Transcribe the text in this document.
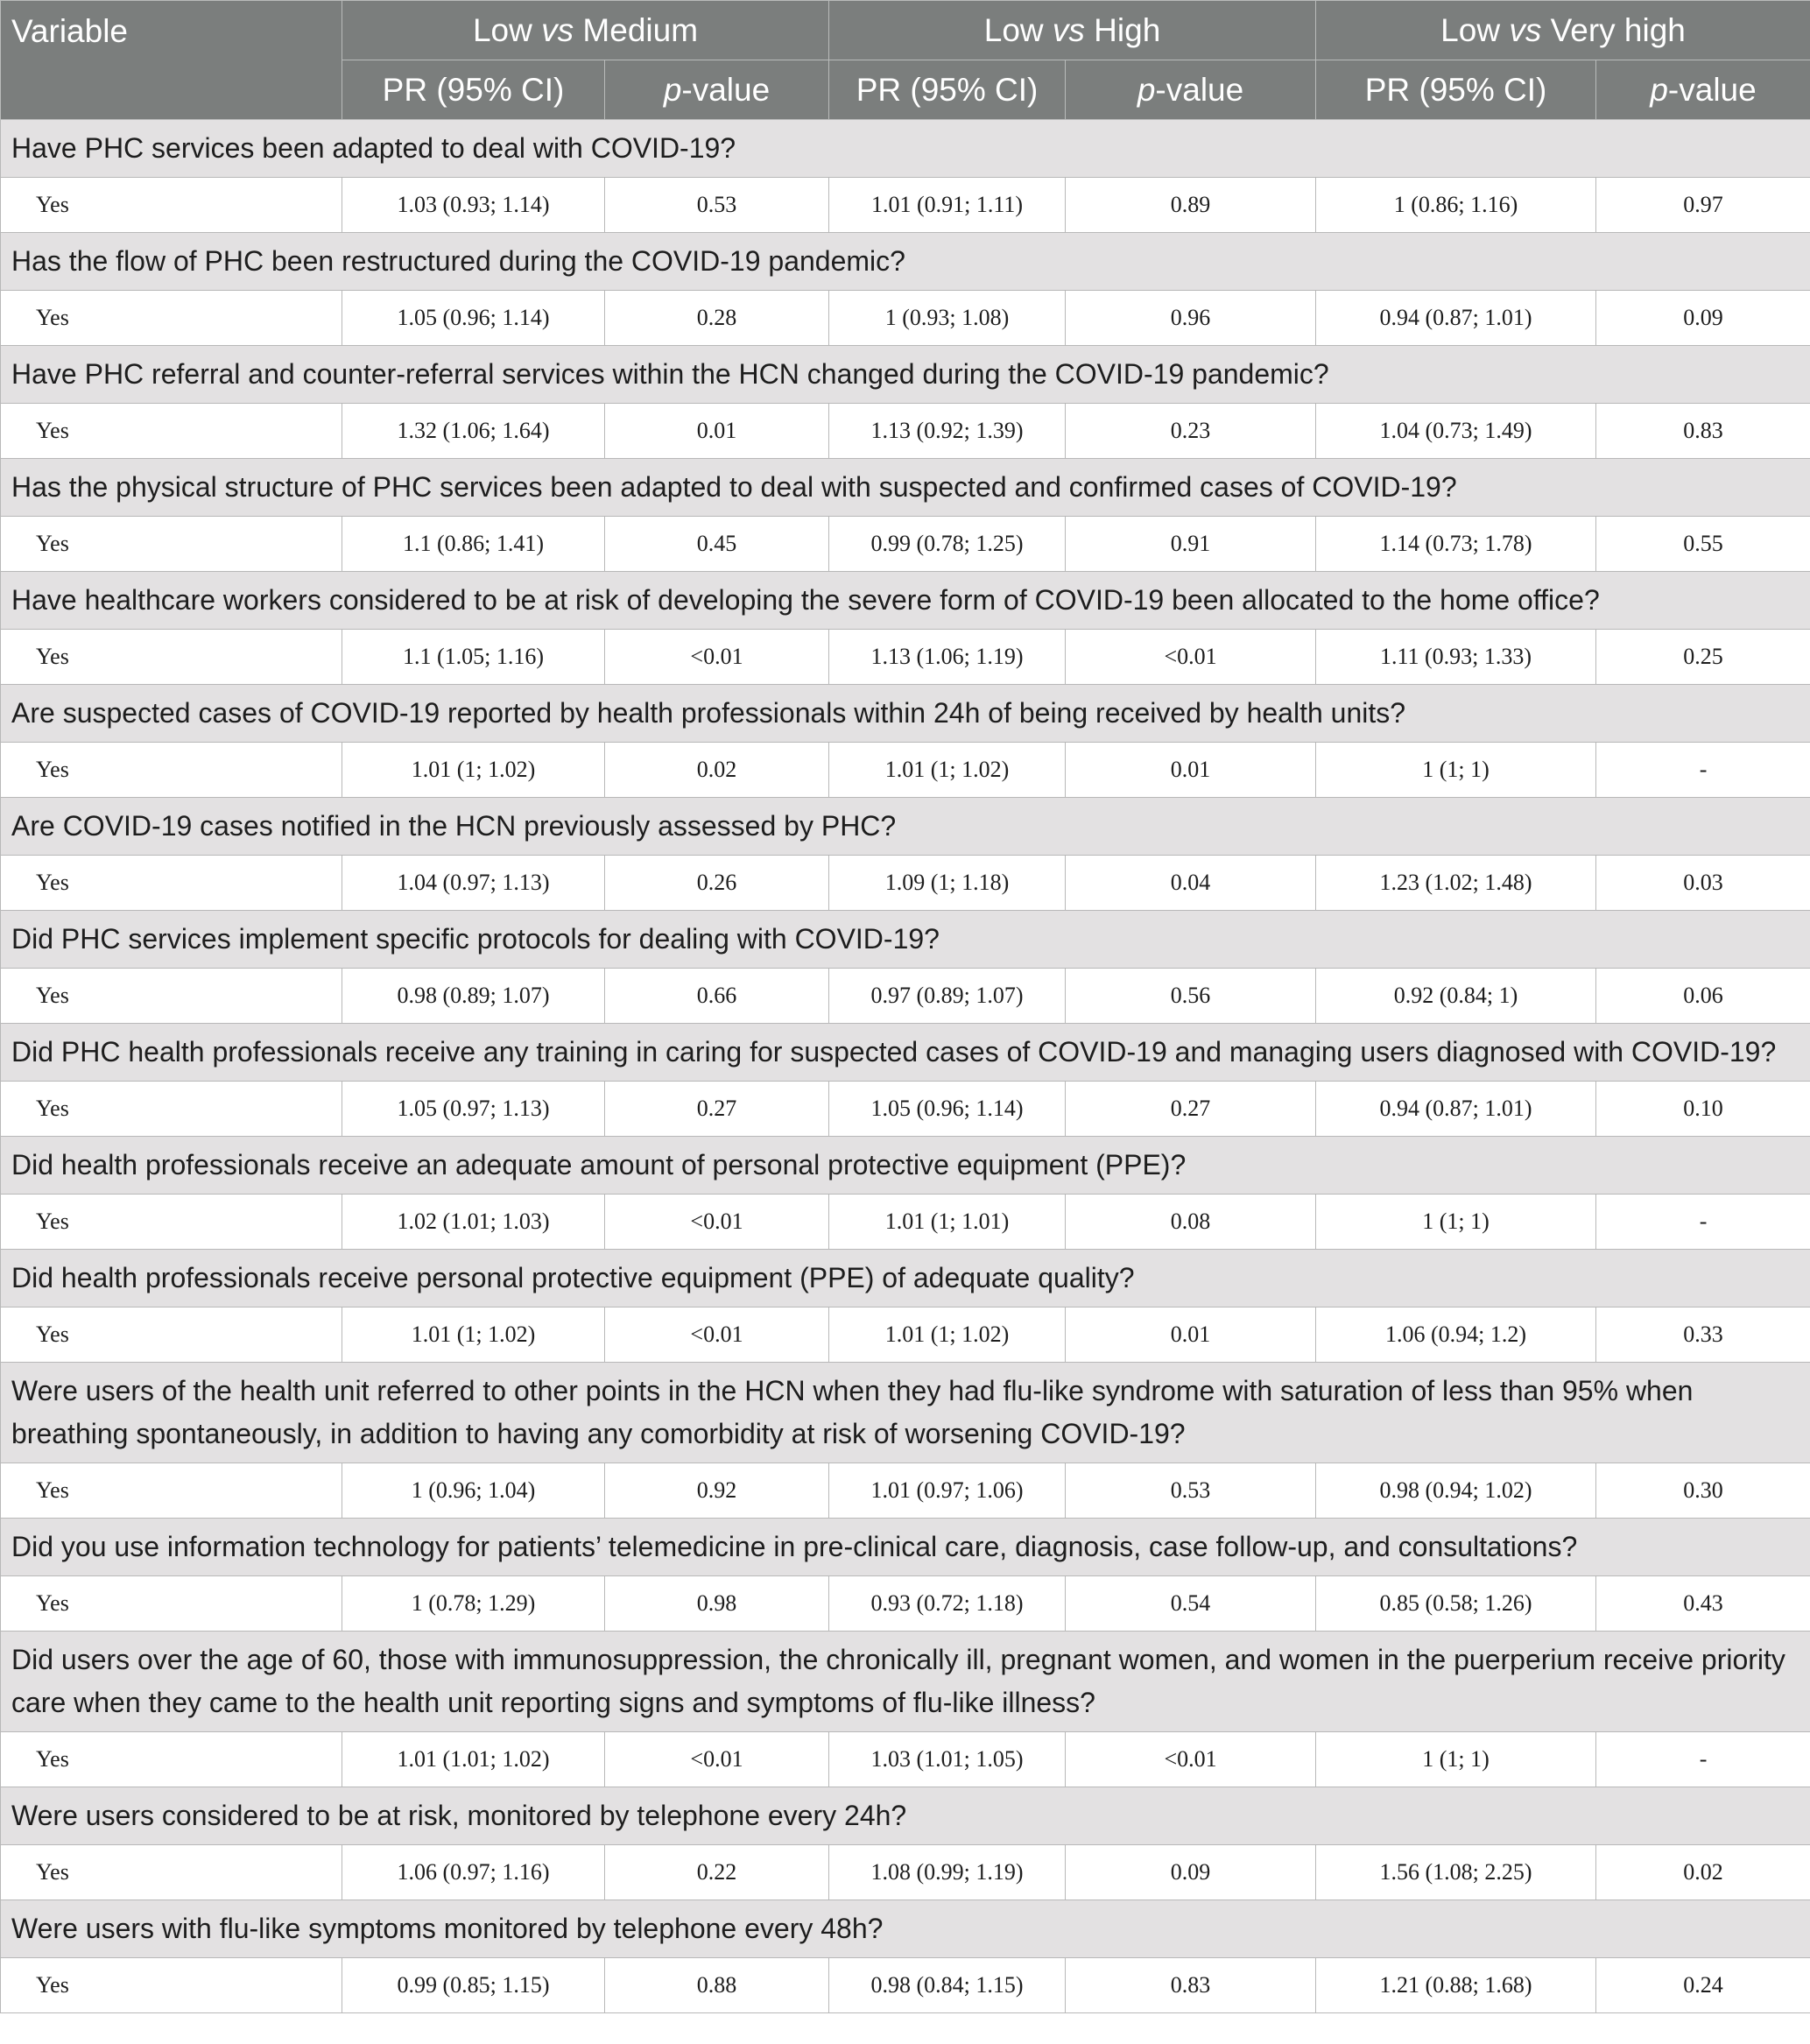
Variable	Low vs Medium		Low vs High		Low vs Very high	
	PR (95% CI)	p-value	PR (95% CI)	p-value	PR (95% CI)	p-value
Have PHC services been adapted to deal with COVID-19?						
Yes	1.03 (0.93; 1.14)	0.53	1.01 (0.91; 1.11)	0.89	1 (0.86; 1.16)	0.97
Has the flow of PHC been restructured during the COVID-19 pandemic?						
Yes	1.05 (0.96; 1.14)	0.28	1 (0.93; 1.08)	0.96	0.94 (0.87; 1.01)	0.09
Have PHC referral and counter-referral services within the HCN changed during the COVID-19 pandemic?						
Yes	1.32 (1.06; 1.64)	0.01	1.13 (0.92; 1.39)	0.23	1.04 (0.73; 1.49)	0.83
Has the physical structure of PHC services been adapted to deal with suspected and confirmed cases of COVID-19?						
Yes	1.1 (0.86; 1.41)	0.45	0.99 (0.78; 1.25)	0.91	1.14 (0.73; 1.78)	0.55
Have healthcare workers considered to be at risk of developing the severe form of COVID-19 been allocated to the home office?						
Yes	1.1 (1.05; 1.16)	<0.01	1.13 (1.06; 1.19)	<0.01	1.11 (0.93; 1.33)	0.25
Are suspected cases of COVID-19 reported by health professionals within 24h of being received by health units?						
Yes	1.01 (1; 1.02)	0.02	1.01 (1; 1.02)	0.01	1 (1; 1)	-
Are COVID-19 cases notified in the HCN previously assessed by PHC?						
Yes	1.04 (0.97; 1.13)	0.26	1.09 (1; 1.18)	0.04	1.23 (1.02; 1.48)	0.03
Did PHC services implement specific protocols for dealing with COVID-19?						
Yes	0.98 (0.89; 1.07)	0.66	0.97 (0.89; 1.07)	0.56	0.92 (0.84; 1)	0.06
Did PHC health professionals receive any training in caring for suspected cases of COVID-19 and managing users diagnosed with COVID-19?						
Yes	1.05 (0.97; 1.13)	0.27	1.05 (0.96; 1.14)	0.27	0.94 (0.87; 1.01)	0.10
Did health professionals receive an adequate amount of personal protective equipment (PPE)?						
Yes	1.02 (1.01; 1.03)	<0.01	1.01 (1; 1.01)	0.08	1 (1; 1)	-
Did health professionals receive personal protective equipment (PPE) of adequate quality?						
Yes	1.01 (1; 1.02)	<0.01	1.01 (1; 1.02)	0.01	1.06 (0.94; 1.2)	0.33
Were users of the health unit referred to other points in the HCN when they had flu-like syndrome with saturation of less than 95% when breathing spontaneously, in addition to having any comorbidity at risk of worsening COVID-19?						
Yes	1 (0.96; 1.04)	0.92	1.01 (0.97; 1.06)	0.53	0.98 (0.94; 1.02)	0.30
Did you use information technology for patients’ telemedicine in pre-clinical care, diagnosis, case follow-up, and consultations?						
Yes	1 (0.78; 1.29)	0.98	0.93 (0.72; 1.18)	0.54	0.85 (0.58; 1.26)	0.43
Did users over the age of 60, those with immunosuppression, the chronically ill, pregnant women, and women in the puerperium receive priority care when they came to the health unit reporting signs and symptoms of flu-like illness?						
Yes	1.01 (1.01; 1.02)	<0.01	1.03 (1.01; 1.05)	<0.01	1 (1; 1)	-
Were users considered to be at risk, monitored by telephone every 24h?						
Yes	1.06 (0.97; 1.16)	0.22	1.08 (0.99; 1.19)	0.09	1.56 (1.08; 2.25)	0.02
Were users with flu-like symptoms monitored by telephone every 48h?						
Yes	0.99 (0.85; 1.15)	0.88	0.98 (0.84; 1.15)	0.83	1.21 (0.88; 1.68)	0.24
